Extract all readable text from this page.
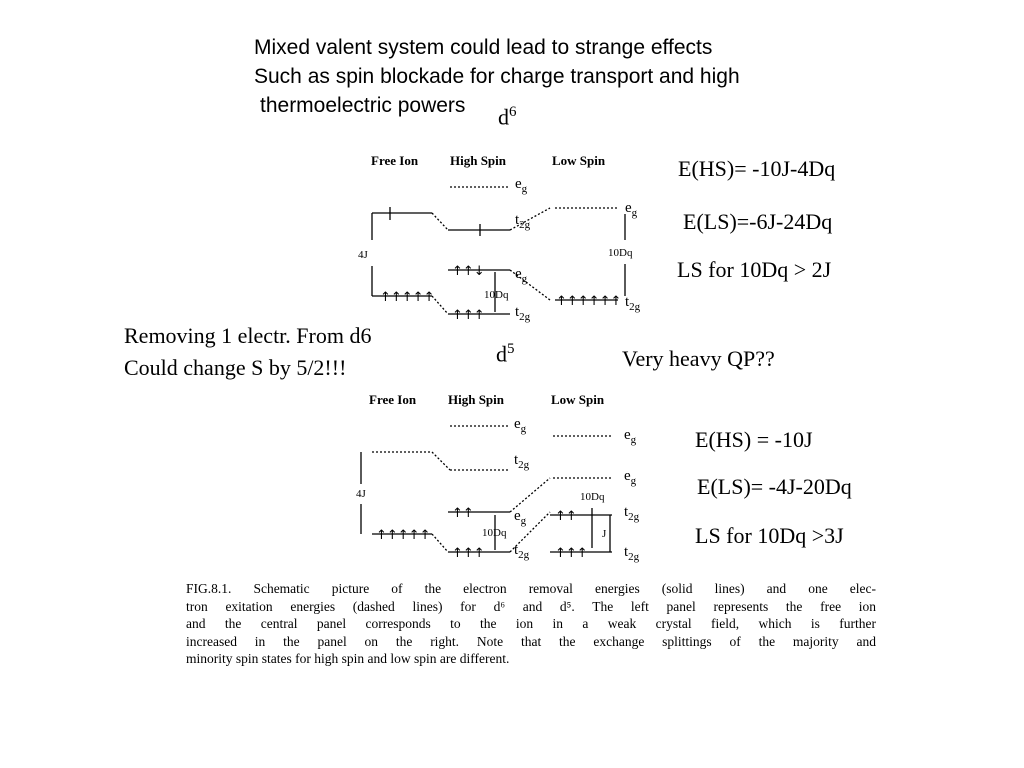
Mixed valent system could lead to strange effects
Such as spin blockade for charge transport and high
thermoelectric powers
↑↑↑↑↑
↑↑↓
↑↑↑
↑↑↑↑↑↑
↑↑↑↑↑
↑↑
↑↑↑
↑↑
↑↑↑
$d^6$
Free Ion High Spin	Low Spin
4J
10Dq
10Dq
$e_g$
$t_{2g}$
$e_g$
$t_{2g}$
$e_g$
$t_{2g}$
E(HS)= -10J-4Dq
E(LS)=-6J-24Dq
LS for 10Dq > 2J
Removing 1 electr. From d6
Could change S by 5/2!!!	Very heavy QP??
$d^5$
Free Ion High Spin	Low Spin
4J
10Dq
10Dq
J
$e_g$
$t_{2g}$
$e_g$
$t_{2g}$
$e_g$
$e_g$
$t_{2g}$
$t_{2g}$
E(HS) = -10J
E(LS)= -4J-20Dq
LS for 10Dq >3J
FIG.8.1. Schematic picture of the electron removal energies (solid lines) and one elec-
tron exitation energies (dashed lines) for d⁶ and d⁵. The left panel represents the free ion
and the central panel corresponds to the ion in a weak crystal field, which is further
increased in the panel on the right. Note that the exchange splittings of the majority and
minority spin states for high spin and low spin are different.
